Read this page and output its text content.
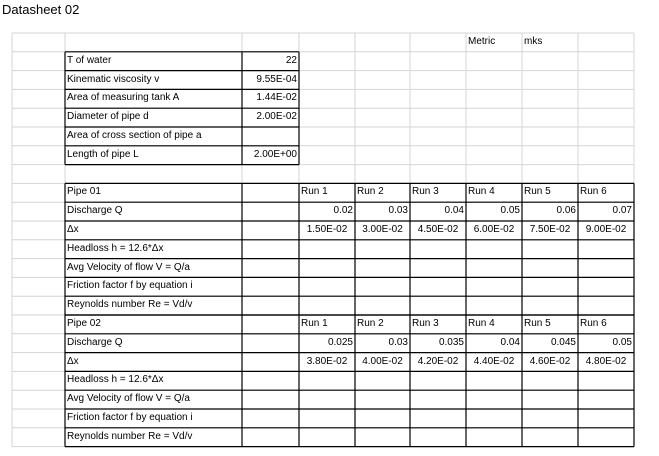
Datasheet 02
Metric	mks
T of water	22
Kinematic viscosity v	9.55E-04
Area of measuring tank A	1.44E-02
Diameter of pipe d	2.00E-02
Area of cross section of pipe a
Length of pipe L	2.00E+00
Pipe 01	Run 1	Run 2	Run 3	Run 4	Run 5	Run 6
Discharge Q	0.02	0.03	0.04	0.05	0.06	0.07
Δx	1.50E-02	3.00E-02	4.50E-02	6.00E-02	7.50E-02	9.00E-02
Headloss h = 12.6*Δx
Avg Velocity of flow V = Q/a
Friction factor f by equation i
Reynolds number Re = Vd/v
Pipe 02	Run 1	Run 2	Run 3	Run 4	Run 5	Run 6
Discharge Q	0.025	0.03	0.035	0.04	0.045	0.05
Δx	3.80E-02	4.00E-02	4.20E-02	4.40E-02	4.60E-02	4.80E-02
Headloss h = 12.6*Δx
Avg Velocity of flow V = Q/a
Friction factor f by equation i
Reynolds number Re = Vd/v
